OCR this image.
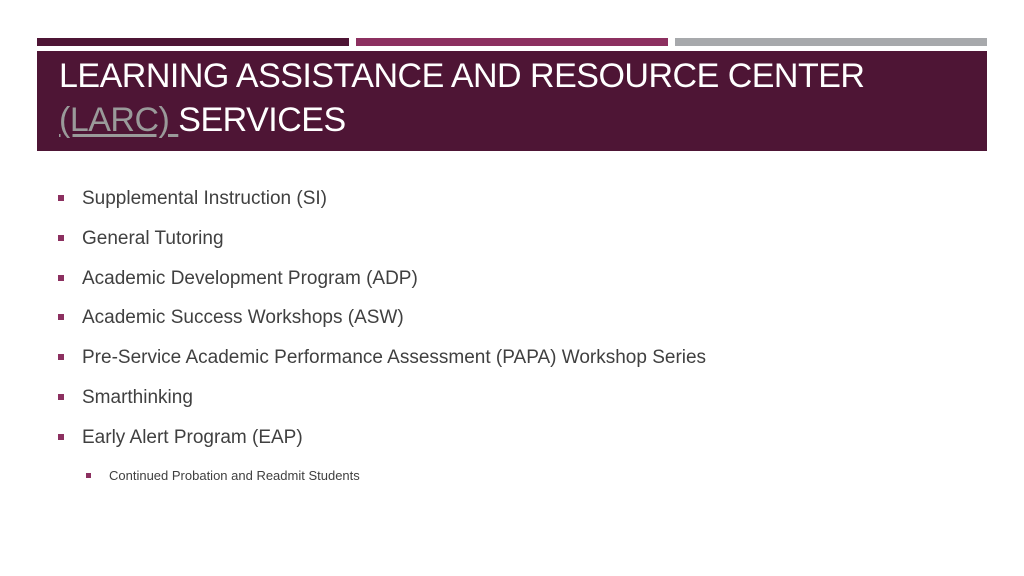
LEARNING ASSISTANCE AND RESOURCE CENTER
(LARC) SERVICES
Supplemental Instruction (SI)
General Tutoring
Academic Development Program (ADP)
Academic Success Workshops (ASW)
Pre-Service Academic Performance Assessment (PAPA) Workshop Series
Smarthinking
Early Alert Program (EAP)
Continued Probation and Readmit Students
